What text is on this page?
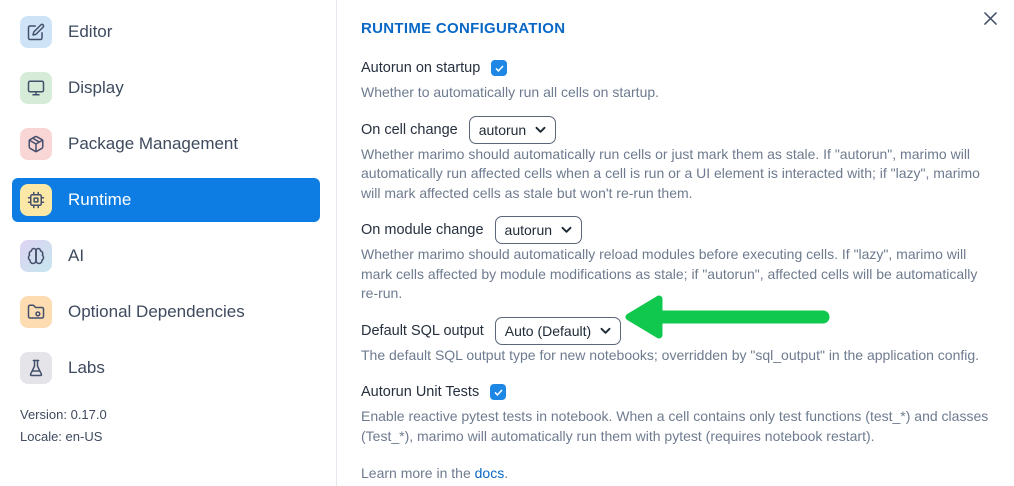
Editor
Display
Package Management
Runtime
AI
Optional Dependencies
Labs
Version: 0.17.0
Locale: en-US
RUNTIME CONFIGURATION
Autorun on startup

Whether to automatically run all cells on startup.

On cell change autorun

Whether marimo should automatically run cells or just mark them as stale. If "autorun", marimo will automatically run affected cells when a cell is run or a UI element is interacted with; if "lazy", marimo will mark affected cells as stale but won't re-run them.

On module change autorun

Whether marimo should automatically reload modules before executing cells. If "lazy", marimo will mark cells affected by module modifications as stale; if "autorun", affected cells will be automatically re-run.

Default SQL output Auto (Default)

The default SQL output type for new notebooks; overridden by "sql_output" in the application config.

Autorun Unit Tests

Enable reactive pytest tests in notebook. When a cell contains only test functions (test_*) and classes (Test_*), marimo will automatically run them with pytest (requires notebook restart).

Learn more in the docs.
